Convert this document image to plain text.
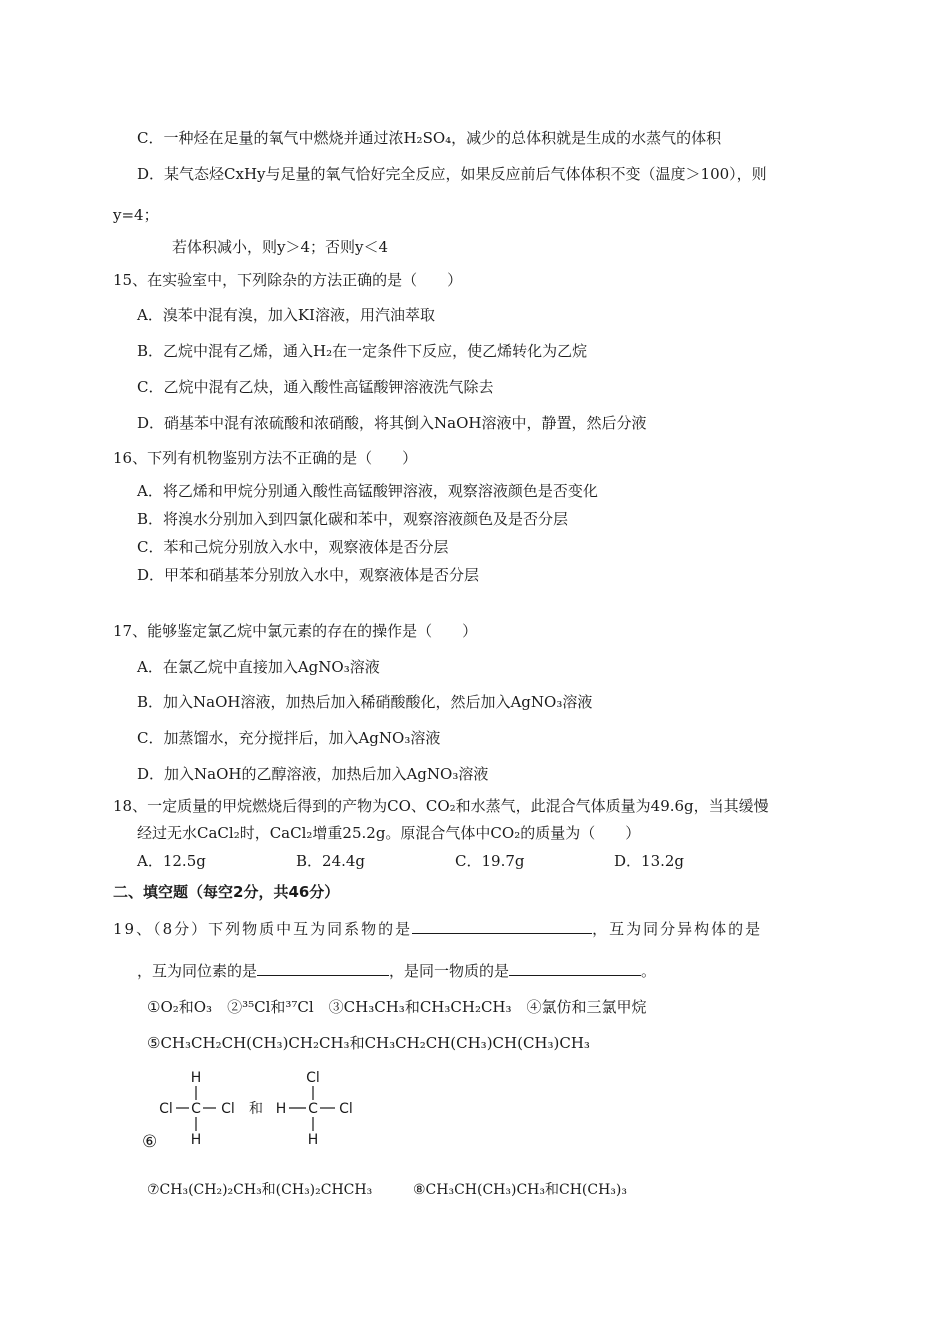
C．一种烃在足量的氧气中燃烧并通过浓H₂SO₄，减少的总体积就是生成的水蒸气的体积
D．某气态烃CxHy与足量的氧气恰好完全反应，如果反应前后气体体积不变（温度＞100），则
y=4；
若体积减小，则y＞4；否则y＜4
15、在实验室中，下列除杂的方法正确的是（　　）
A．溴苯中混有溴，加入KI溶液，用汽油萃取
B．乙烷中混有乙烯，通入H₂在一定条件下反应，使乙烯转化为乙烷
C．乙烷中混有乙炔，通入酸性高锰酸钾溶液洗气除去
D．硝基苯中混有浓硫酸和浓硝酸，将其倒入NaOH溶液中，静置，然后分液
16、下列有机物鉴别方法不正确的是（　　）
A．将乙烯和甲烷分别通入酸性高锰酸钾溶液，观察溶液颜色是否变化
B．将溴水分别加入到四氯化碳和苯中，观察溶液颜色及是否分层
C．苯和己烷分别放入水中，观察液体是否分层
D．甲苯和硝基苯分别放入水中，观察液体是否分层
17、能够鉴定氯乙烷中氯元素的存在的操作是（　　）
A．在氯乙烷中直接加入AgNO₃溶液
B．加入NaOH溶液，加热后加入稀硝酸酸化，然后加入AgNO₃溶液
C．加蒸馏水，充分搅拌后，加入AgNO₃溶液
D．加入NaOH的乙醇溶液，加热后加入AgNO₃溶液
18、一定质量的甲烷燃烧后得到的产物为CO、CO₂和水蒸气，此混合气体质量为49.6g，当其缓慢
经过无水CaCl₂时，CaCl₂增重25.2g。原混合气体中CO₂的质量为（　　）
A．12.5g	B．24.4g	C．19.7g	D．13.2g
二、填空题（每空2分，共46分）
19、（8分）下列物质中互为同系物的是	，互为同分异构体的是
，互为同位素的是	，是同一物质的是	。
①O₂和O₃　②³⁵Cl和³⁷Cl　③CH₃CH₃和CH₃CH₂CH₃　④氯仿和三氯甲烷
⑤CH₃CH₂CH(CH₃)CH₂CH₃和CH₃CH₂CH(CH₃)CH(CH₃)CH₃
H
Cl C Cl
H
和
Cl
H C Cl
H
⑥
⑦CH₃(CH₂)₂CH₃和(CH₃)₂CHCH₃	⑧CH₃CH(CH₃)CH₃和CH(CH₃)₃
